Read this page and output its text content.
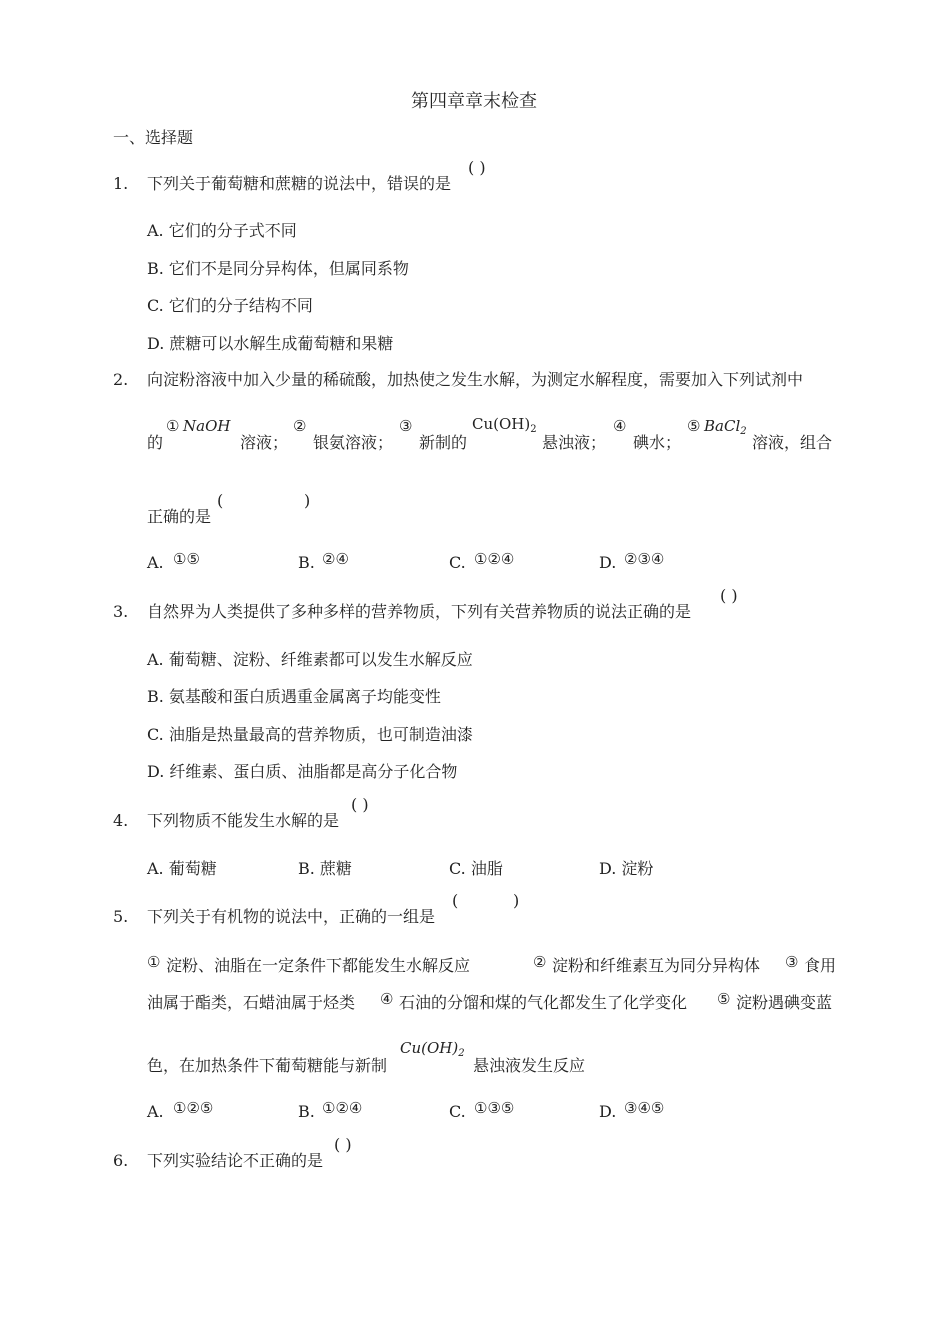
第四章章末检查
一、选择题
1. 下列关于葡萄糖和蔗糖的说法中，错误的是
( )
A. 它们的分子式不同
B. 它们不是同分异构体，但属同系物
C. 它们的分子结构不同
D. 蔗糖可以水解生成葡萄糖和果糖
2. 向淀粉溶液中加入少量的稀硫酸，加热使之发生水解，为测定水解程度，需要加入下列试剂中
的
① NaOH
溶液；
②
银氨溶液；
③
新制的
$Cu(OH)_2$
悬浊液；
④
碘水；
⑤ BaCl$_2$
溶液，组合
正确的是
(	)
A. ①⑤	B. ②④	C. ①②④	D. ②③④
3. 自然界为人类提供了多种多样的营养物质，下列有关营养物质的说法正确的是
( )
A. 葡萄糖、淀粉、纤维素都可以发生水解反应
B. 氨基酸和蛋白质遇重金属离子均能变性
C. 油脂是热量最高的营养物质，也可制造油漆
D. 纤维素、蛋白质、油脂都是高分子化合物
4. 下列物质不能发生水解的是
( )
A. 葡萄糖	B. 蔗糖	C. 油脂	D. 淀粉
5. 下列关于有机物的说法中，正确的一组是
(	)
① 淀粉、油脂在一定条件下都能发生水解反应	② 淀粉和纤维素互为同分异构体 ③ 食用
油属于酯类，石蜡油属于烃类 ④ 石油的分馏和煤的气化都发生了化学变化 ⑤ 淀粉遇碘变蓝
色，在加热条件下葡萄糖能与新制
$Cu(OH)_2$
悬浊液发生反应
A. ①②⑤	B. ①②④	C. ①③⑤	D. ③④⑤
6. 下列实验结论不正确的是
( )
